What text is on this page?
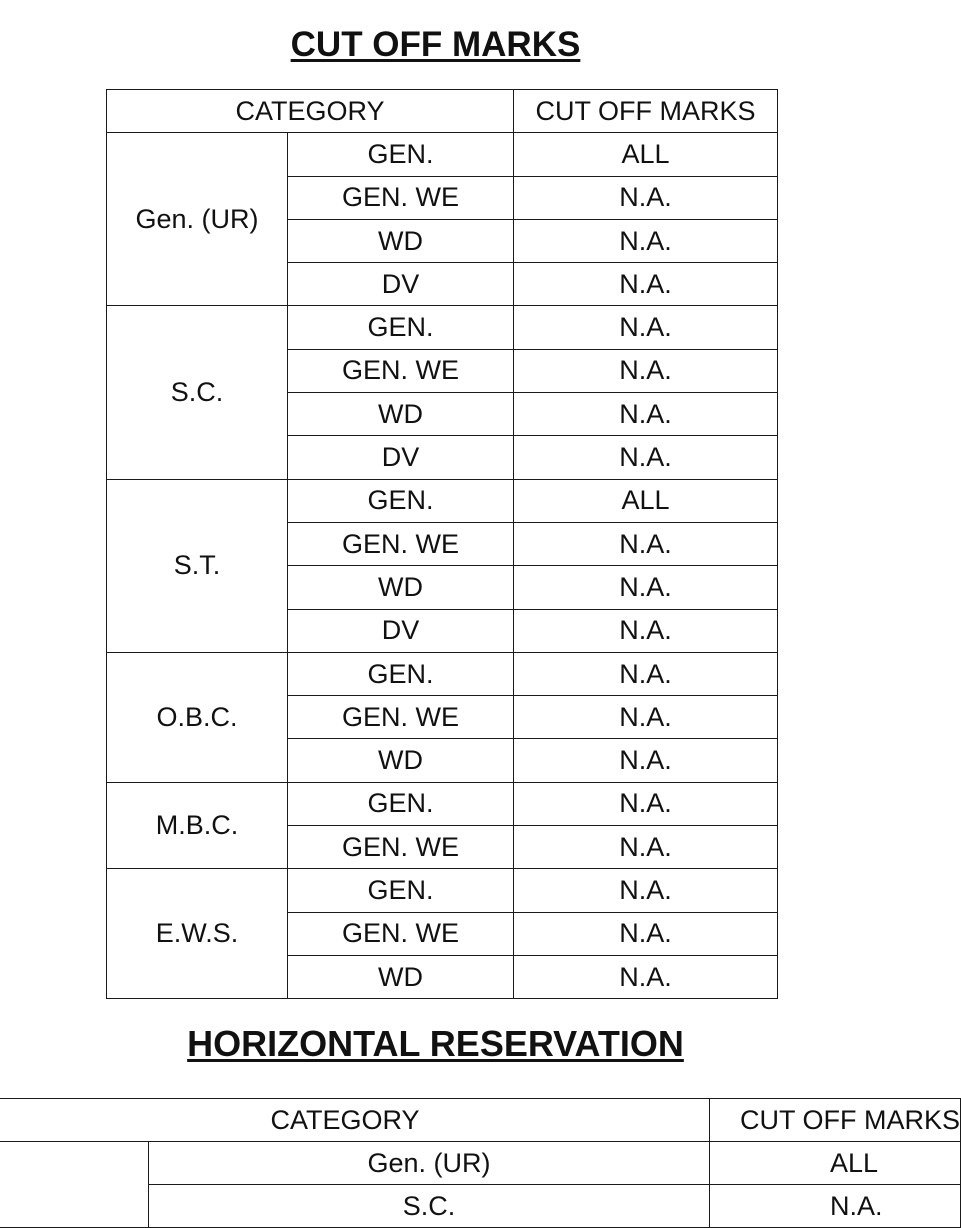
CUT OFF MARKS
CATEGORY		CUT OFF MARKS
Gen. (UR)	GEN.	ALL
	GEN. WE	N.A.
	WD	N.A.
	DV	N.A.
S.C.	GEN.	N.A.
	GEN. WE	N.A.
	WD	N.A.
	DV	N.A.
S.T.	GEN.	ALL
	GEN. WE	N.A.
	WD	N.A.
	DV	N.A.
O.B.C.	GEN.	N.A.
	GEN. WE	N.A.
	WD	N.A.
M.B.C.	GEN.	N.A.
	GEN. WE	N.A.
E.W.S.	GEN.	N.A.
	GEN. WE	N.A.
	WD	N.A.
HORIZONTAL RESERVATION
CATEGORY		CUT OFF MARKS
	Gen. (UR)	ALL
	S.C.	N.A.
